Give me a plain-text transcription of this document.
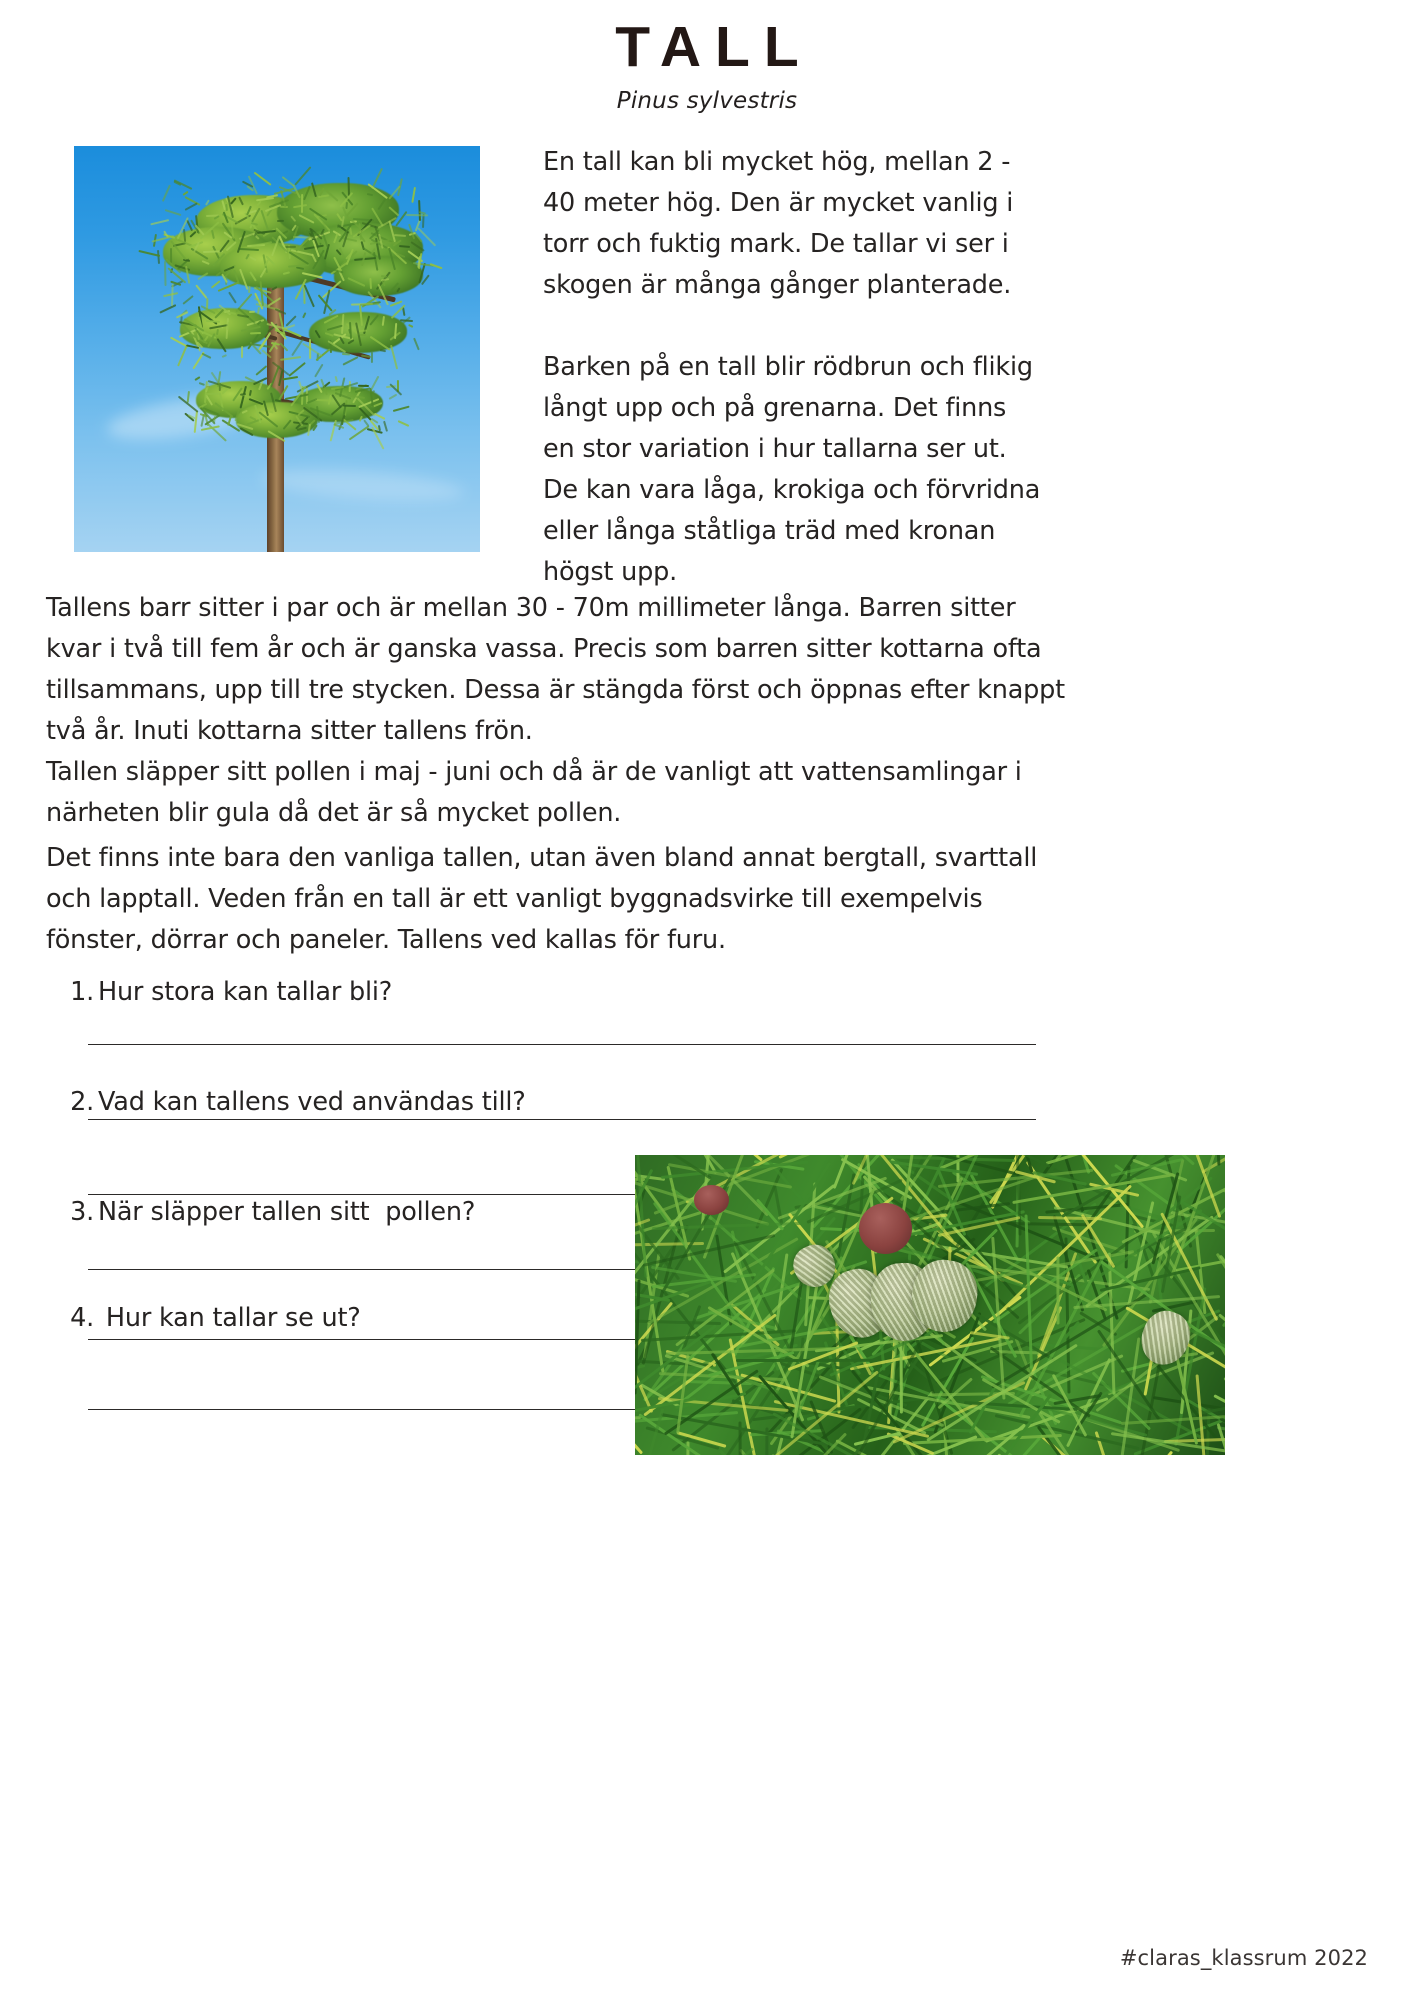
TALL
Pinus sylvestris

En tall kan bli mycket hög, mellan 2 - 40 meter hög. Den är mycket vanlig i torr och fuktig mark. De tallar vi ser i skogen är många gånger planterade.

Barken på en tall blir rödbrun och flikig långt upp och på grenarna. Det finns en stor variation i hur tallarna ser ut. De kan vara låga, krokiga och förvridna eller långa ståtliga träd med kronan högst upp.

Tallens barr sitter i par och är mellan 30 - 70m millimeter långa. Barren sitter kvar i två till fem år och är ganska vassa. Precis som barren sitter kottarna ofta tillsammans, upp till tre stycken. Dessa är stängda först och öppnas efter knappt två år. Inuti kottarna sitter tallens frön.

Tallen släpper sitt pollen i maj - juni och då är de vanligt att vattensamlingar i närheten blir gula då det är så mycket pollen.

Det finns inte bara den vanliga tallen, utan även bland annat bergtall, svarttall och lapptall. Veden från en tall är ett vanligt byggnadsvirke till exempelvis fönster, dörrar och paneler. Tallens ved kallas för furu.

1. Hur stora kan tallar bli?
2. Vad kan tallens ved användas till?
3. När släpper tallen sitt  pollen?
4. Hur kan tallar se ut?
#claras_klassrum 2022
